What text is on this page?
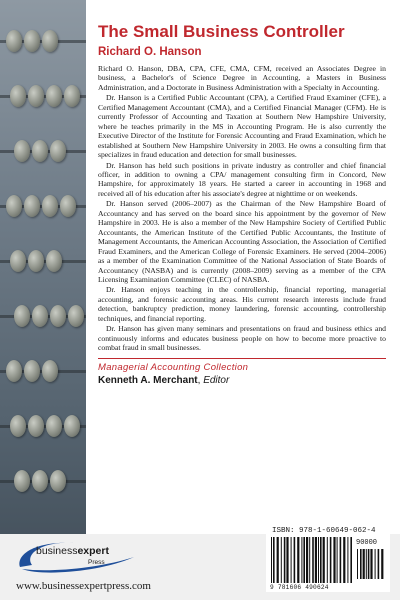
The Small Business Controller
Richard O. Hanson

Richard O. Hanson, DBA, CPA, CFE, CMA, CFM, received an Associates Degree in business, a Bachelor's of Science Degree in Accounting, a Masters in Business Administration, and a Doctorate in Business Administration with a Specialty in Accounting.

Dr. Hanson is a Certified Public Accountant (CPA), a Certified Fraud Examiner (CFE), a Certified Management Accountant (CMA), and a Certified Financial Manager (CFM). He is currently Professor of Accounting and Taxation at Southern New Hampshire University, where he teaches primarily in the MS in Accounting Program. He is also currently the Executive Director of the Institute for Forensic Accounting and Fraud Examination, which he established at Southern New Hampshire University in 2003. He owns a consulting firm that specializes in fraud education and detection for small businesses.

Dr. Hanson has held such positions in private industry as controller and chief financial officer, in addition to owning a CPA/ management consulting firm in Concord, New Hampshire, for approximately 18 years. He started a career in accounting in 1968 and received all of his education after his associate's degree at nighttime or on weekends.

Dr. Hanson served (2006–2007) as the Chairman of the New Hampshire Board of Accountancy and has served on the board since his appointment by the governor of New Hampshire in 2003. He is also a member of the New Hampshire Society of Certified Public Accountants, the American Institute of the Certified Public Accountants, the Institute of Management Accountants, the American Accounting Association, the Association of Certified Fraud Examiners, and the American College of Forensic Examiners. He served (2004–2006) as a member of the Examination Committee of the National Association of State Boards of Accountancy (NASBA) and is currently (2008–2009) serving as a member of the CPA Licensing Examination Committee (CLEC) of NASBA.

Dr. Hanson enjoys teaching in the controllership, financial reporting, managerial accounting, and forensic accounting areas. His current research interests include fraud detection, bankruptcy prediction, money laundering, forensic accounting, controllership techniques, and financial reporting.

Dr. Hanson has given many seminars and presentations on fraud and business ethics and continuously informs and educates business people on how to become more proactive to combat fraud in small businesses.

Managerial Accounting Collection
Kenneth A. Merchant, Editor
businessexpert
Press
www.businessexpertpress.com
ISBN: 978-1-60649-062-4
90000
9 781606 490624
